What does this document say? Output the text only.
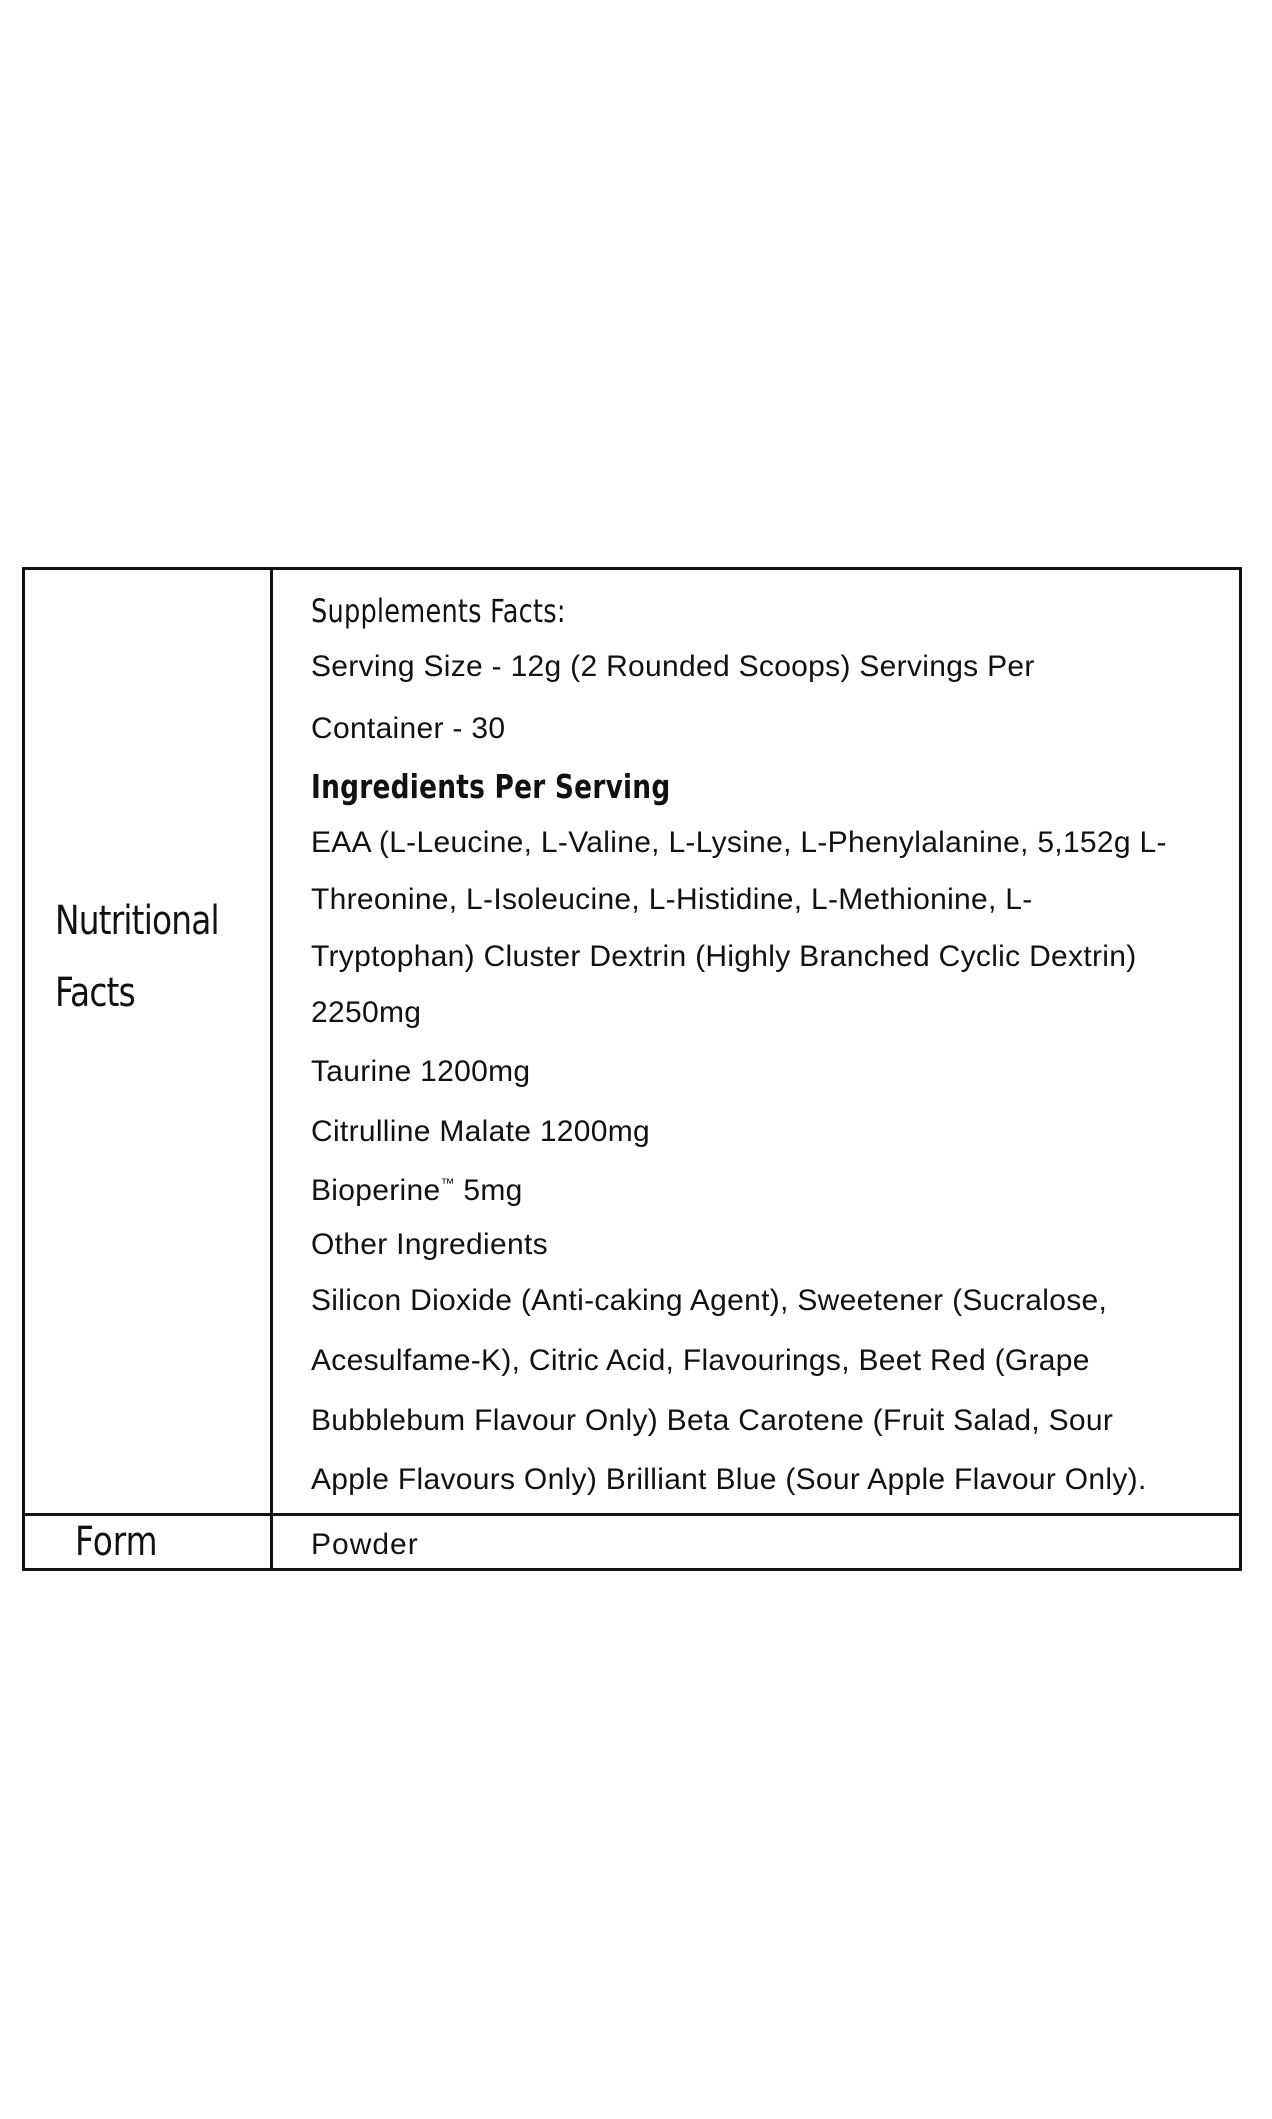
Nutritional
Facts
Supplements Facts:
Serving Size - 12g (2 Rounded Scoops) Servings Per
Container - 30
Ingredients Per Serving
EAA (L-Leucine, L-Valine, L-Lysine, L-Phenylalanine, 5,152g L-
Threonine, L-Isoleucine, L-Histidine, L-Methionine, L-
Tryptophan) Cluster Dextrin (Highly Branched Cyclic Dextrin)
2250mg
Taurine 1200mg
Citrulline Malate 1200mg
Bioperine™ 5mg
Other Ingredients
Silicon Dioxide (Anti-caking Agent), Sweetener (Sucralose,
Acesulfame-K), Citric Acid, Flavourings, Beet Red (Grape
Bubblebum Flavour Only) Beta Carotene (Fruit Salad, Sour
Apple Flavours Only) Brilliant Blue (Sour Apple Flavour Only).
Form	Powder
